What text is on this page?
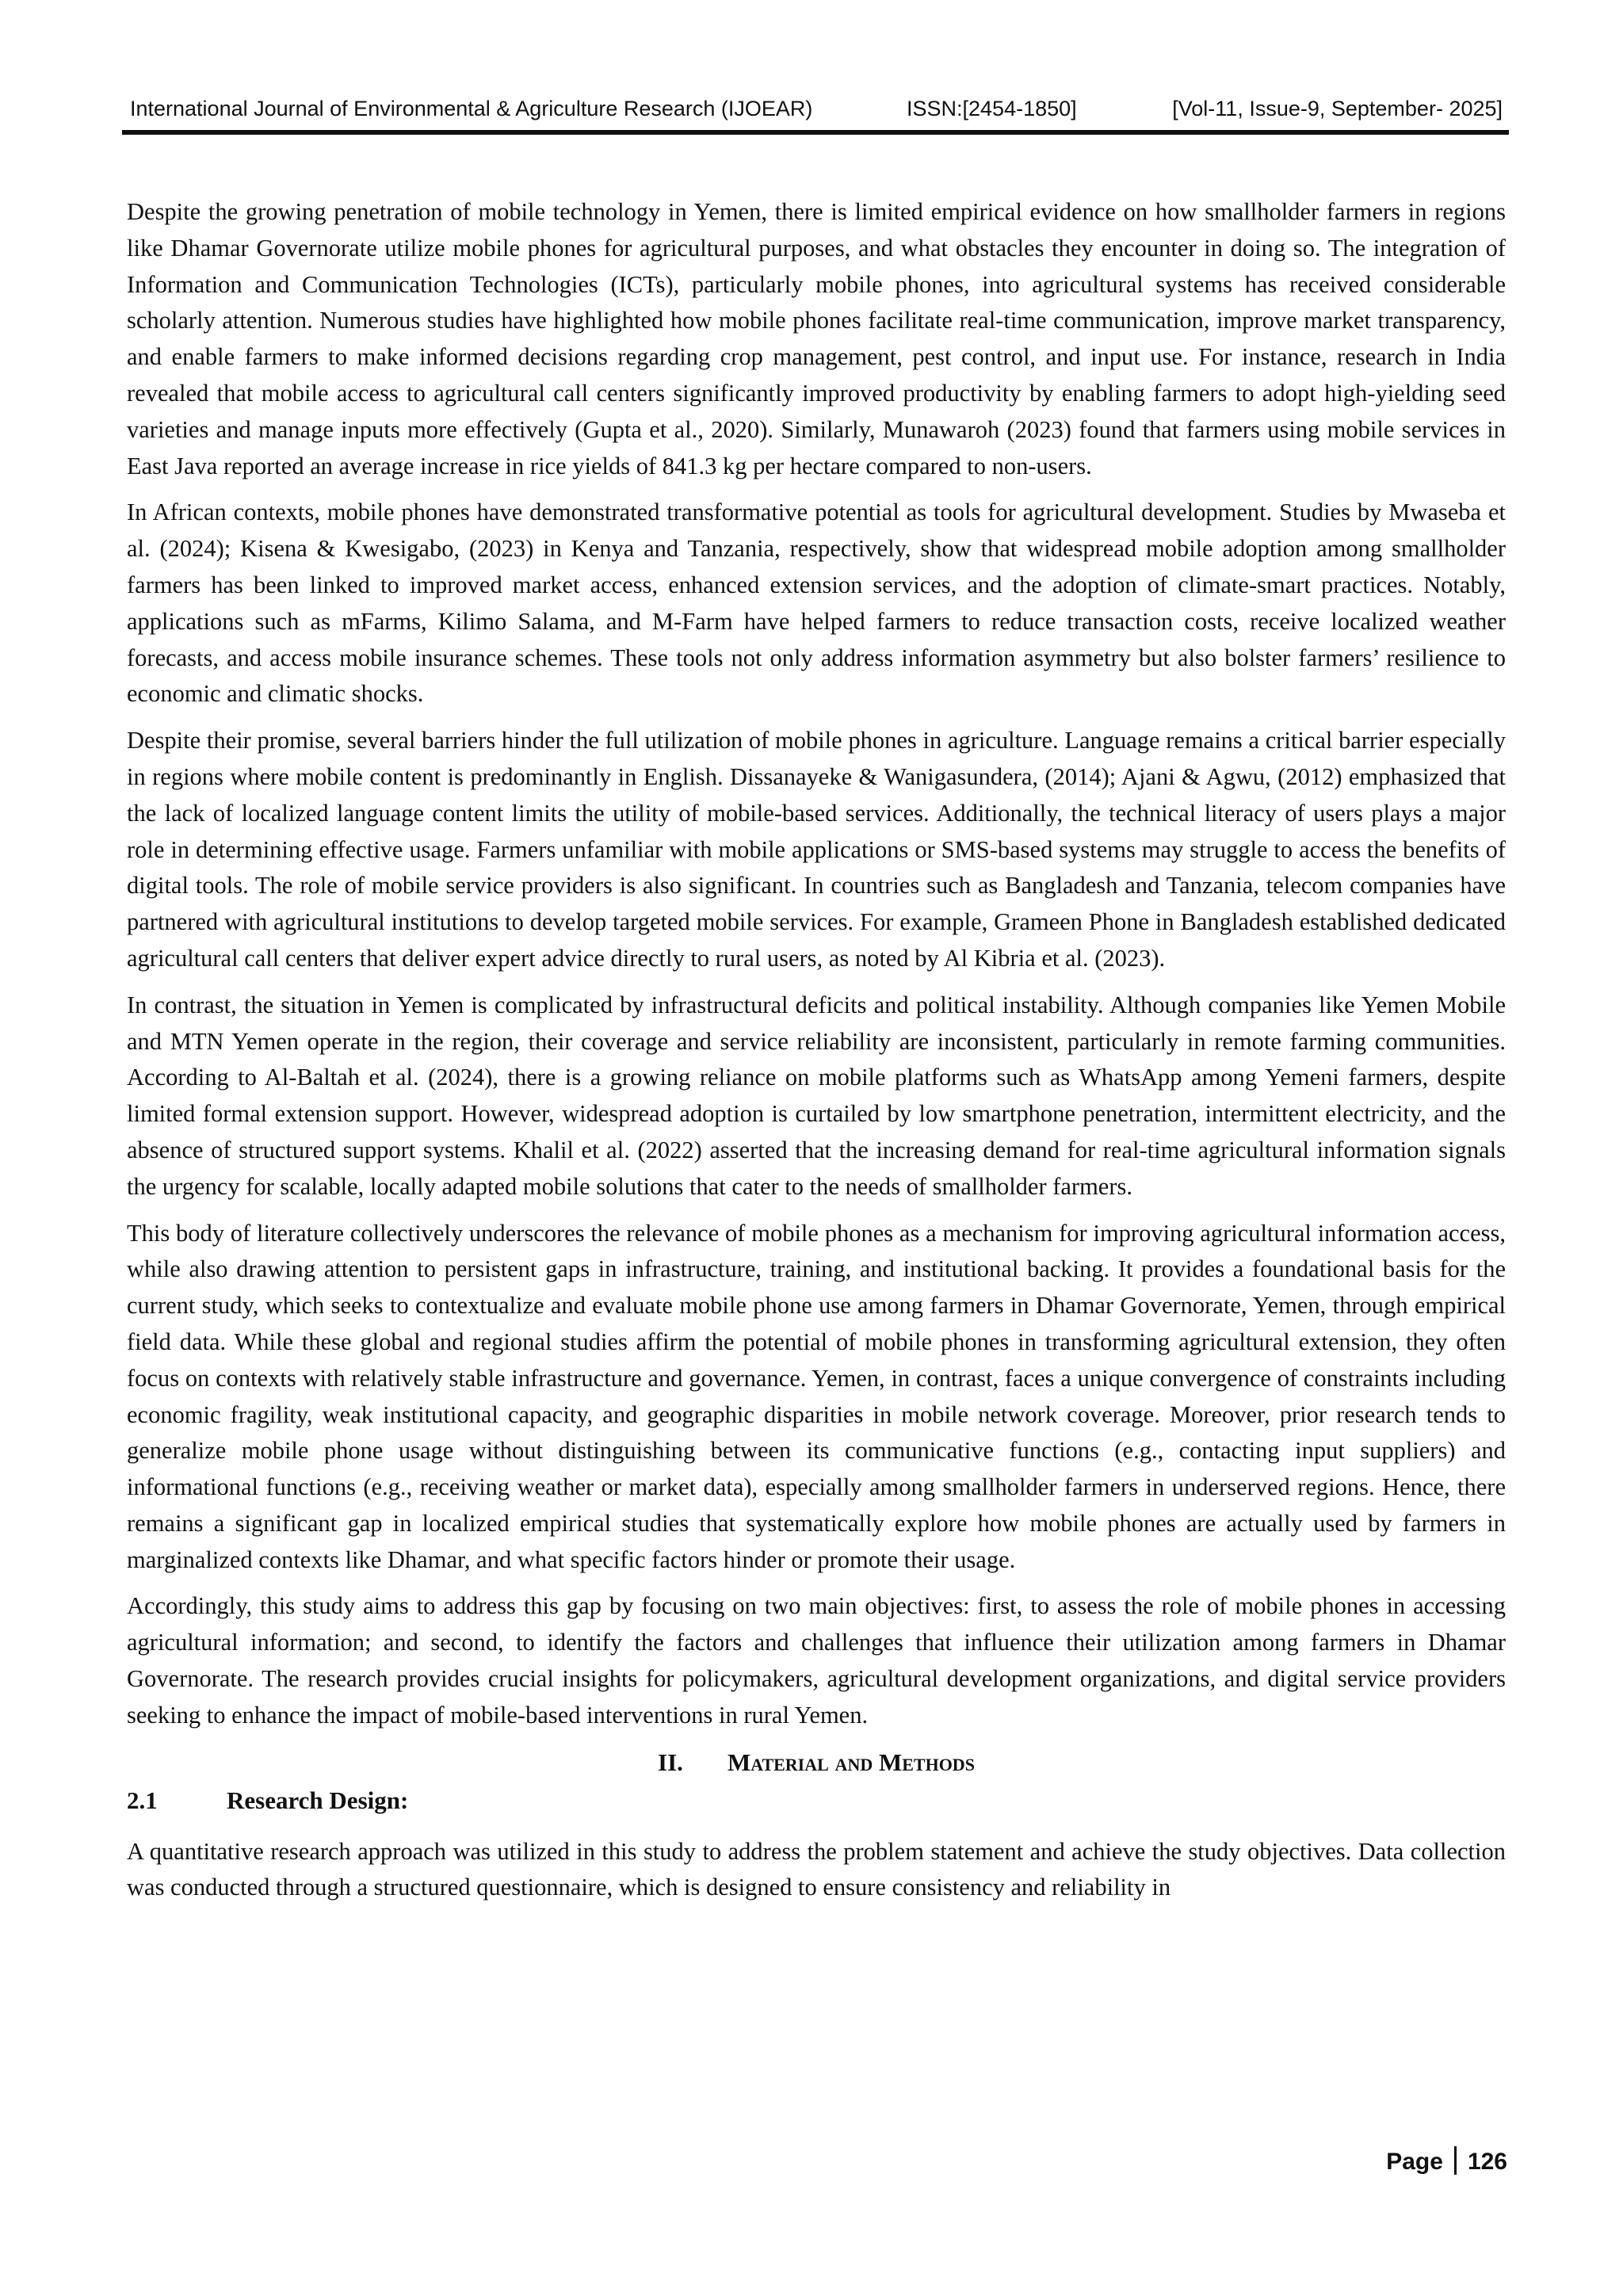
International Journal of Environmental & Agriculture Research (IJOEAR)	ISSN:[2454-1850]	[Vol-11, Issue-9, September- 2025]

Despite the growing penetration of mobile technology in Yemen, there is limited empirical evidence on how smallholder farmers in regions like Dhamar Governorate utilize mobile phones for agricultural purposes, and what obstacles they encounter in doing so. The integration of Information and Communication Technologies (ICTs), particularly mobile phones, into agricultural systems has received considerable scholarly attention. Numerous studies have highlighted how mobile phones facilitate real-time communication, improve market transparency, and enable farmers to make informed decisions regarding crop management, pest control, and input use. For instance, research in India revealed that mobile access to agricultural call centers significantly improved productivity by enabling farmers to adopt high-yielding seed varieties and manage inputs more effectively (Gupta et al., 2020). Similarly, Munawaroh (2023) found that farmers using mobile services in East Java reported an average increase in rice yields of 841.3 kg per hectare compared to non-users.

In African contexts, mobile phones have demonstrated transformative potential as tools for agricultural development. Studies by Mwaseba et al. (2024); Kisena & Kwesigabo, (2023) in Kenya and Tanzania, respectively, show that widespread mobile adoption among smallholder farmers has been linked to improved market access, enhanced extension services, and the adoption of climate-smart practices. Notably, applications such as mFarms, Kilimo Salama, and M-Farm have helped farmers to reduce transaction costs, receive localized weather forecasts, and access mobile insurance schemes. These tools not only address information asymmetry but also bolster farmers’ resilience to economic and climatic shocks.

Despite their promise, several barriers hinder the full utilization of mobile phones in agriculture. Language remains a critical barrier especially in regions where mobile content is predominantly in English. Dissanayeke & Wanigasundera, (2014); Ajani & Agwu, (2012) emphasized that the lack of localized language content limits the utility of mobile-based services. Additionally, the technical literacy of users plays a major role in determining effective usage. Farmers unfamiliar with mobile applications or SMS-based systems may struggle to access the benefits of digital tools. The role of mobile service providers is also significant. In countries such as Bangladesh and Tanzania, telecom companies have partnered with agricultural institutions to develop targeted mobile services. For example, Grameen Phone in Bangladesh established dedicated agricultural call centers that deliver expert advice directly to rural users, as noted by Al Kibria et al. (2023).

In contrast, the situation in Yemen is complicated by infrastructural deficits and political instability. Although companies like Yemen Mobile and MTN Yemen operate in the region, their coverage and service reliability are inconsistent, particularly in remote farming communities. According to Al-Baltah et al. (2024), there is a growing reliance on mobile platforms such as WhatsApp among Yemeni farmers, despite limited formal extension support. However, widespread adoption is curtailed by low smartphone penetration, intermittent electricity, and the absence of structured support systems. Khalil et al. (2022) asserted that the increasing demand for real-time agricultural information signals the urgency for scalable, locally adapted mobile solutions that cater to the needs of smallholder farmers.

This body of literature collectively underscores the relevance of mobile phones as a mechanism for improving agricultural information access, while also drawing attention to persistent gaps in infrastructure, training, and institutional backing. It provides a foundational basis for the current study, which seeks to contextualize and evaluate mobile phone use among farmers in Dhamar Governorate, Yemen, through empirical field data. While these global and regional studies affirm the potential of mobile phones in transforming agricultural extension, they often focus on contexts with relatively stable infrastructure and governance. Yemen, in contrast, faces a unique convergence of constraints including economic fragility, weak institutional capacity, and geographic disparities in mobile network coverage. Moreover, prior research tends to generalize mobile phone usage without distinguishing between its communicative functions (e.g., contacting input suppliers) and informational functions (e.g., receiving weather or market data), especially among smallholder farmers in underserved regions. Hence, there remains a significant gap in localized empirical studies that systematically explore how mobile phones are actually used by farmers in marginalized contexts like Dhamar, and what specific factors hinder or promote their usage.

Accordingly, this study aims to address this gap by focusing on two main objectives: first, to assess the role of mobile phones in accessing agricultural information; and second, to identify the factors and challenges that influence their utilization among farmers in Dhamar Governorate. The research provides crucial insights for policymakers, agricultural development organizations, and digital service providers seeking to enhance the impact of mobile-based interventions in rural Yemen.

II. Material and Methods
2.1	Research Design:

A quantitative research approach was utilized in this study to address the problem statement and achieve the study objectives. Data collection was conducted through a structured questionnaire, which is designed to ensure consistency and reliability in

Page 126
